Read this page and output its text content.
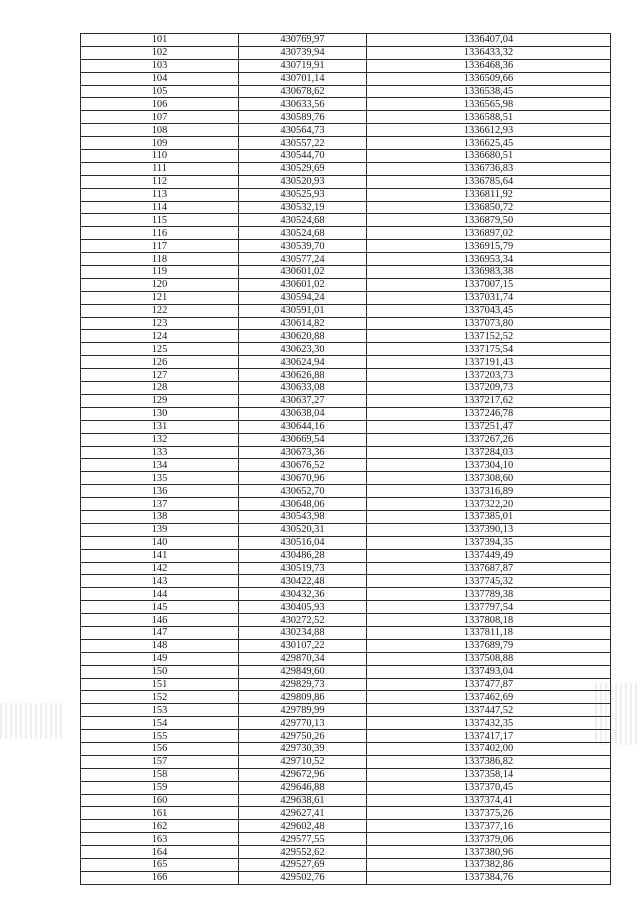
101	430769,97	1336407,04
102	430739,94	1336433,32
103	430719,91	1336468,36
104	430701,14	1336509,66
105	430678,62	1336538,45
106	430633,56	1336565,98
107	430589,76	1336588,51
108	430564,73	1336612,93
109	430557,22	1336625,45
110	430544,70	1336680,51
111	430529,69	1336736,83
112	430520,93	1336785,64
113	430525,93	1336811,92
114	430532,19	1336850,72
115	430524,68	1336879,50
116	430524,68	1336897,02
117	430539,70	1336915,79
118	430577,24	1336953,34
119	430601,02	1336983,38
120	430601,02	1337007,15
121	430594,24	1337031,74
122	430591,01	1337043,45
123	430614,82	1337073,80
124	430620,88	1337152,52
125	430623,30	1337175,54
126	430624,94	1337191,43
127	430626,88	1337203,73
128	430633,08	1337209,73
129	430637,27	1337217,62
130	430638,04	1337246,78
131	430644,16	1337251,47
132	430669,54	1337267,26
133	430673,36	1337284,03
134	430676,52	1337304,10
135	430670,96	1337308,60
136	430652,70	1337316,89
137	430648,06	1337322,20
138	430543,98	1337385,01
139	430520,31	1337390,13
140	430516,04	1337394,35
141	430486,28	1337449,49
142	430519,73	1337687,87
143	430422,48	1337745,32
144	430432,36	1337789,38
145	430405,93	1337797,54
146	430272,52	1337808,18
147	430234,88	1337811,18
148	430107,22	1337689,79
149	429870,34	1337508,88
150	429849,60	1337493,04
151	429829,73	1337477,87
152	429809,86	1337462,69
153	429789,99	1337447,52
154	429770,13	1337432,35
155	429750,26	1337417,17
156	429730,39	1337402,00
157	429710,52	1337386,82
158	429672,96	1337358,14
159	429646,88	1337370,45
160	429638,61	1337374,41
161	429627,41	1337375,26
162	429602,48	1337377,16
163	429577,55	1337379,06
164	429552,62	1337380,96
165	429527,69	1337382,86
166	429502,76	1337384,76
